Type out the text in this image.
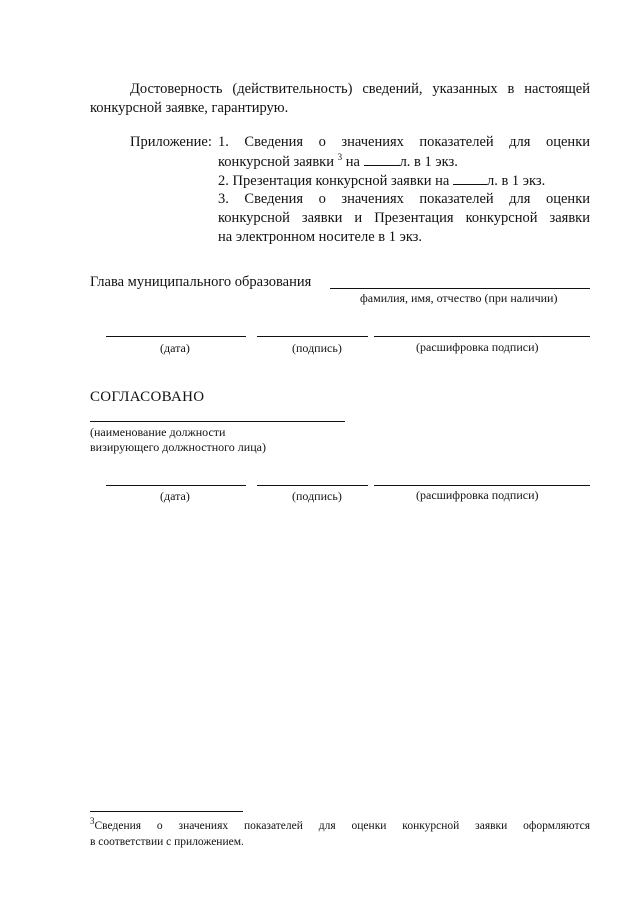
Достоверность (действительность) сведений, указанных в настоящей
конкурсной заявке, гарантирую.
Приложение: 1. Сведения о значениях показателей для оценки
конкурсной заявки $^3$ на	л. в 1 экз.
2. Презентация конкурсной заявки на	л. в 1 экз.
3. Сведения о значениях показателей для оценки
конкурсной заявки и Презентация конкурсной заявки
на электронном носителе в 1 экз.
Глава муниципального образования
фамилия, имя, отчество (при наличии)
(дата)	(подпись)	(расшифровка подписи)
СОГЛАСОВАНО
(наименование должности
визирующего должностного лица)
(дата)	(подпись)	(расшифровка подписи)
$^3$Сведения о значениях показателей для оценки конкурсной заявки оформляются
в соответствии с приложением.
